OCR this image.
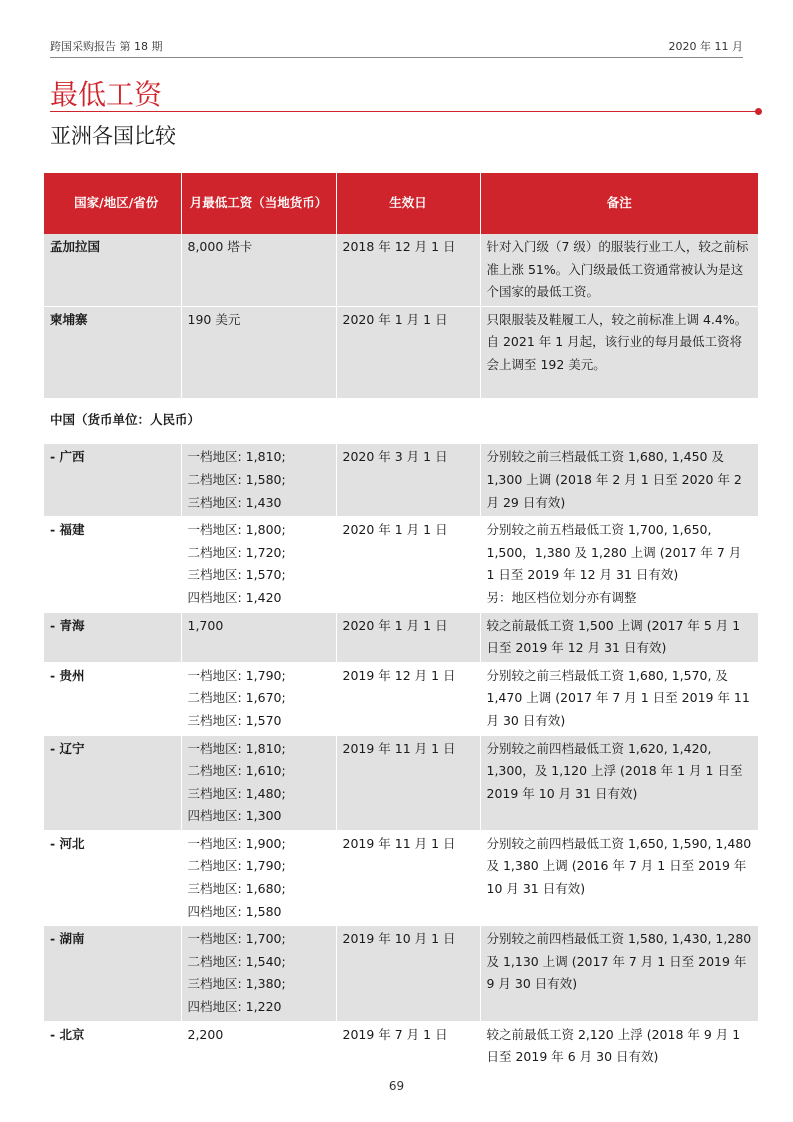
跨国采购报告 第 18 期	2020 年 11 月
最低工资
亚洲各国比较
国家/地区/省份	月最低工资（当地货币）	生效日	备注
孟加拉国	8,000 塔卡	2018 年 12 月 1 日	针对入门级（7 级）的服装行业工人，较之前标准上涨 51%。入门级最低工资通常被认为是这个国家的最低工资。

柬埔寨	190 美元	2020 年 1 月 1 日	只限服装及鞋履工人，较之前标准上调 4.4%。
自 2021 年 1 月起，该行业的每月最低工资将会上调至 192 美元。

中国（货币单位：人民币）			
- 广西	一档地区: 1,810;
二档地区: 1,580;
三档地区: 1,430	2020 年 3 月 1 日	分别较之前三档最低工资 1,680, 1,450 及 1,300 上调 (2018 年 2 月 1 日至 2020 年 2 月 29 日有效)

- 福建	一档地区: 1,800;
二档地区: 1,720;
三档地区: 1,570;
四档地区: 1,420	2020 年 1 月 1 日	分别较之前五档最低工资 1,700, 1,650, 1,500，1,380 及 1,280 上调 (2017 年 7 月 1 日至 2019 年 12 月 31 日有效)
另：地区档位划分亦有调整

- 青海	1,700	2020 年 1 月 1 日	较之前最低工资 1,500 上调 (2017 年 5 月 1 日至 2019 年 12 月 31 日有效)

- 贵州	一档地区: 1,790;
二档地区: 1,670;
三档地区: 1,570	2019 年 12 月 1 日	分别较之前三档最低工资 1,680, 1,570, 及 1,470 上调 (2017 年 7 月 1 日至 2019 年 11 月 30 日有效)

- 辽宁	一档地区: 1,810;
二档地区: 1,610;
三档地区: 1,480;
四档地区: 1,300	2019 年 11 月 1 日	分别较之前四档最低工资 1,620, 1,420, 1,300，及 1,120 上浮 (2018 年 1 月 1 日至 2019 年 10 月 31 日有效)

- 河北	一档地区: 1,900;
二档地区: 1,790;
三档地区: 1,680;
四档地区: 1,580	2019 年 11 月 1 日	分别较之前四档最低工资 1,650, 1,590, 1,480 及 1,380 上调 (2016 年 7 月 1 日至 2019 年 10 月 31 日有效)

- 湖南	一档地区: 1,700;
二档地区: 1,540;
三档地区: 1,380;
四档地区: 1,220	2019 年 10 月 1 日	分别较之前四档最低工资 1,580, 1,430, 1,280 及 1,130 上调 (2017 年 7 月 1 日至 2019 年 9 月 30 日有效)

- 北京	2,200	2019 年 7 月 1 日	较之前最低工资 2,120 上浮 (2018 年 9 月 1 日至 2019 年 6 月 30 日有效)
69
